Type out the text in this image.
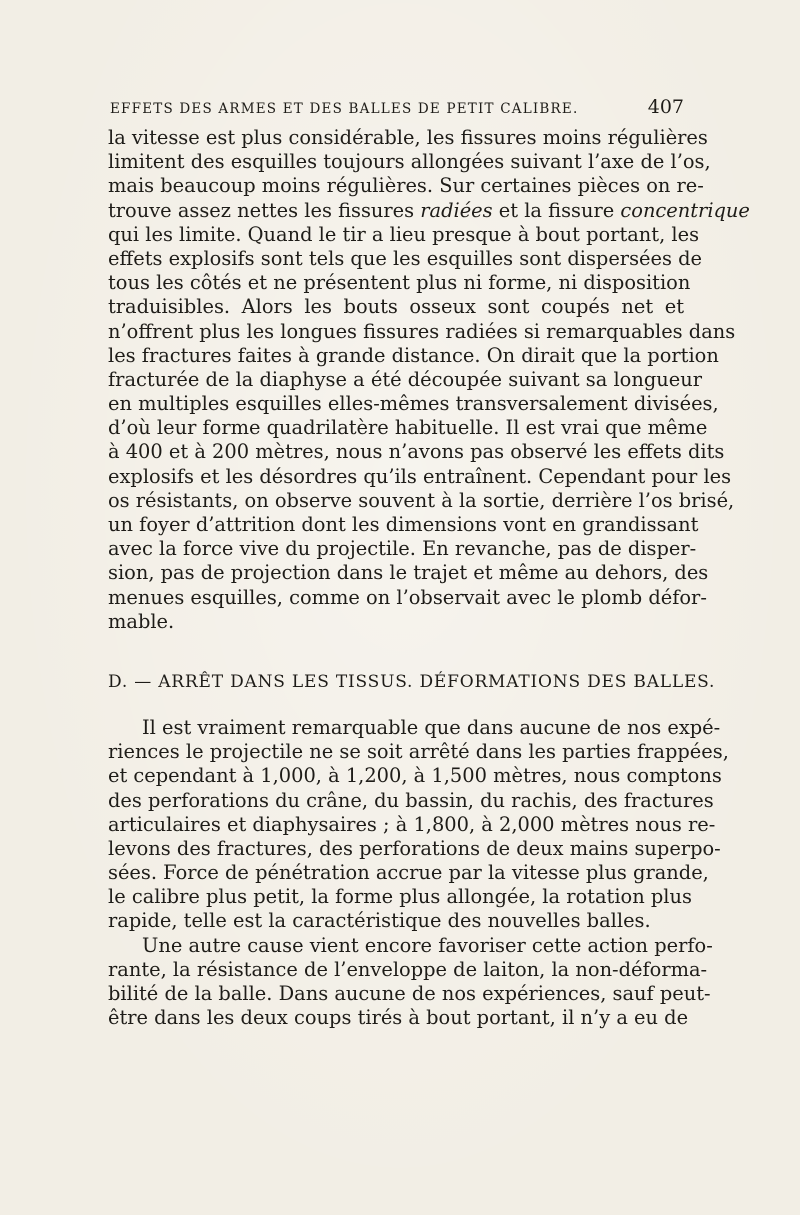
EFFETS DES ARMES ET DES BALLES DE PETIT CALIBRE.	407
la vitesse est plus considérable, les fissures moins régulières
limitent des esquilles toujours allongées suivant l’axe de l’os,
mais beaucoup moins régulières. Sur certaines pièces on re-
trouve assez nettes les fissures radiées et la fissure concentrique
qui les limite. Quand le tir a lieu presque à bout portant, les
effets explosifs sont tels que les esquilles sont dispersées de
tous les côtés et ne présentent plus ni forme, ni disposition
traduisibles. Alors les bouts osseux sont coupés net et
n’offrent plus les longues fissures radiées si remarquables dans
les fractures faites à grande distance. On dirait que la portion
fracturée de la diaphyse a été découpée suivant sa longueur
en multiples esquilles elles-mêmes transversalement divisées,
d’où leur forme quadrilatère habituelle. Il est vrai que même
à 400 et à 200 mètres, nous n’avons pas observé les effets dits
explosifs et les désordres qu’ils entraînent. Cependant pour les
os résistants, on observe souvent à la sortie, derrière l’os brisé,
un foyer d’attrition dont les dimensions vont en grandissant
avec la force vive du projectile. En revanche, pas de disper-
sion, pas de projection dans le trajet et même au dehors, des
menues esquilles, comme on l’observait avec le plomb défor-
mable.
D. — ARRÊT DANS LES TISSUS. DÉFORMATIONS DES BALLES.
Il est vraiment remarquable que dans aucune de nos expé-
riences le projectile ne se soit arrêté dans les parties frappées,
et cependant à 1,000, à 1,200, à 1,500 mètres, nous comptons
des perforations du crâne, du bassin, du rachis, des fractures
articulaires et diaphysaires ; à 1,800, à 2,000 mètres nous re-
levons des fractures, des perforations de deux mains superpo-
sées. Force de pénétration accrue par la vitesse plus grande,
le calibre plus petit, la forme plus allongée, la rotation plus
rapide, telle est la caractéristique des nouvelles balles.
Une autre cause vient encore favoriser cette action perfo-
rante, la résistance de l’enveloppe de laiton, la non-déforma-
bilité de la balle. Dans aucune de nos expériences, sauf peut-
être dans les deux coups tirés à bout portant, il n’y a eu de
